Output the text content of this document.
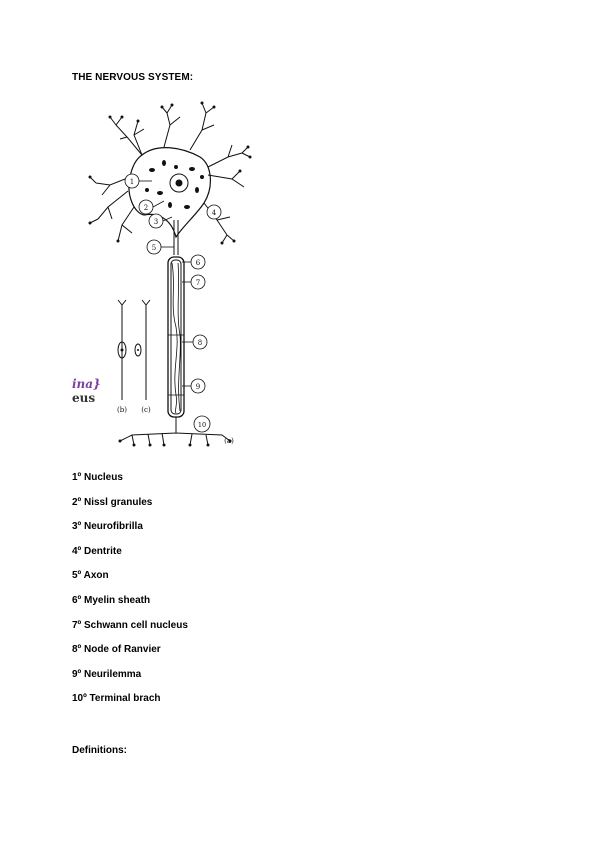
THE NERVOUS SYSTEM:
1
2
3
4
5
6
7
8
9
10
(a)
(b) (c)
ina}
eus
1º Nucleus
2º Nissl granules
3º Neurofibrilla
4º Dentrite
5º Axon
6º Myelin sheath
7º Schwann cell nucleus
8º Node of Ranvier
9º Neurilemma
10º Terminal brach
Definitions:
